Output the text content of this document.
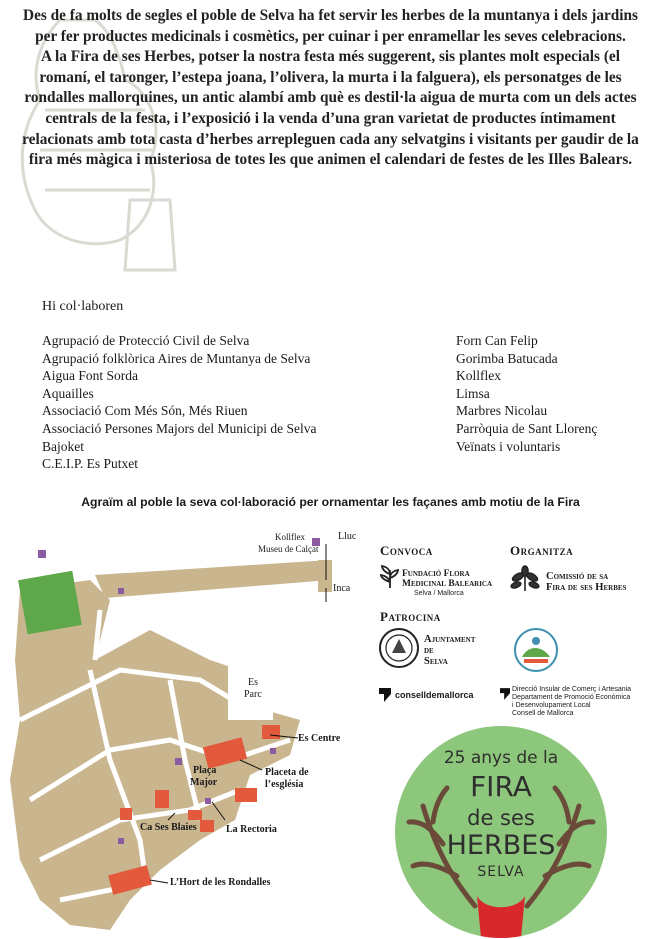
Des de fa molts de segles el poble de Selva ha fet servir les herbes de la muntanya i dels jardins per fer productes medicinals i cosmètics, per cuinar i per enramellar les seves celebracions.

A la Fira de ses Herbes, potser la nostra festa més suggerent, sis plantes molt especials (el romaní, el taronger, l’estepa joana, l’olivera, la murta i la falguera), els personatges de les rondalles mallorquines, un antic alambí amb què es destil·la aigua de murta com un dels actes centrals de la festa, i l’exposició i la venda d’una gran varietat de productes íntimament relacionats amb tota casta d’herbes arrepleguen cada any selvatgins i visitants per gaudir de la fira més màgica i misteriosa de totes les que animen el calendari de festes de les Illes Balears.

Hi col·laboren
Agrupació de Protecció Civil de Selva
Agrupació folklòrica Aires de Muntanya de Selva
Aigua Font Sorda
Aquailles
Associació Com Més Són, Més Riuen
Associació Persones Majors del Municipi de Selva
Bajoket
C.E.I.P. Es Putxet
Forn Can Felip
Gorimba Batucada
Kollflex
Limsa
Marbres Nicolau
Parròquia de Sant Llorenç
Veïnats i voluntaris
Agraïm al poble la seva col·laboració per ornamentar les façanes amb motiu de la Fira
Kollflex
Museu de Calçat
Lluc
Inca
Es
Parc
Es Centre
Plaça
Major
Placeta de
l’església
Ca Ses Blaies	La Rectoria
L’Hort de les Rondalles
Convoca	Organitza
Fundació Flora
Medicinal Balearica
Selva / Mallorca
Comissió de sa
Fira de ses Herbes
Patrocina
Ajuntament
de
Selva
conselldemallorca
Direcció Insular de Comerç i Artesania
Departament de Promoció Econòmica
i Desenvolupament Local
Consell de Mallorca
25 anys de la
FIRA
de ses
HERBES
SELVA
